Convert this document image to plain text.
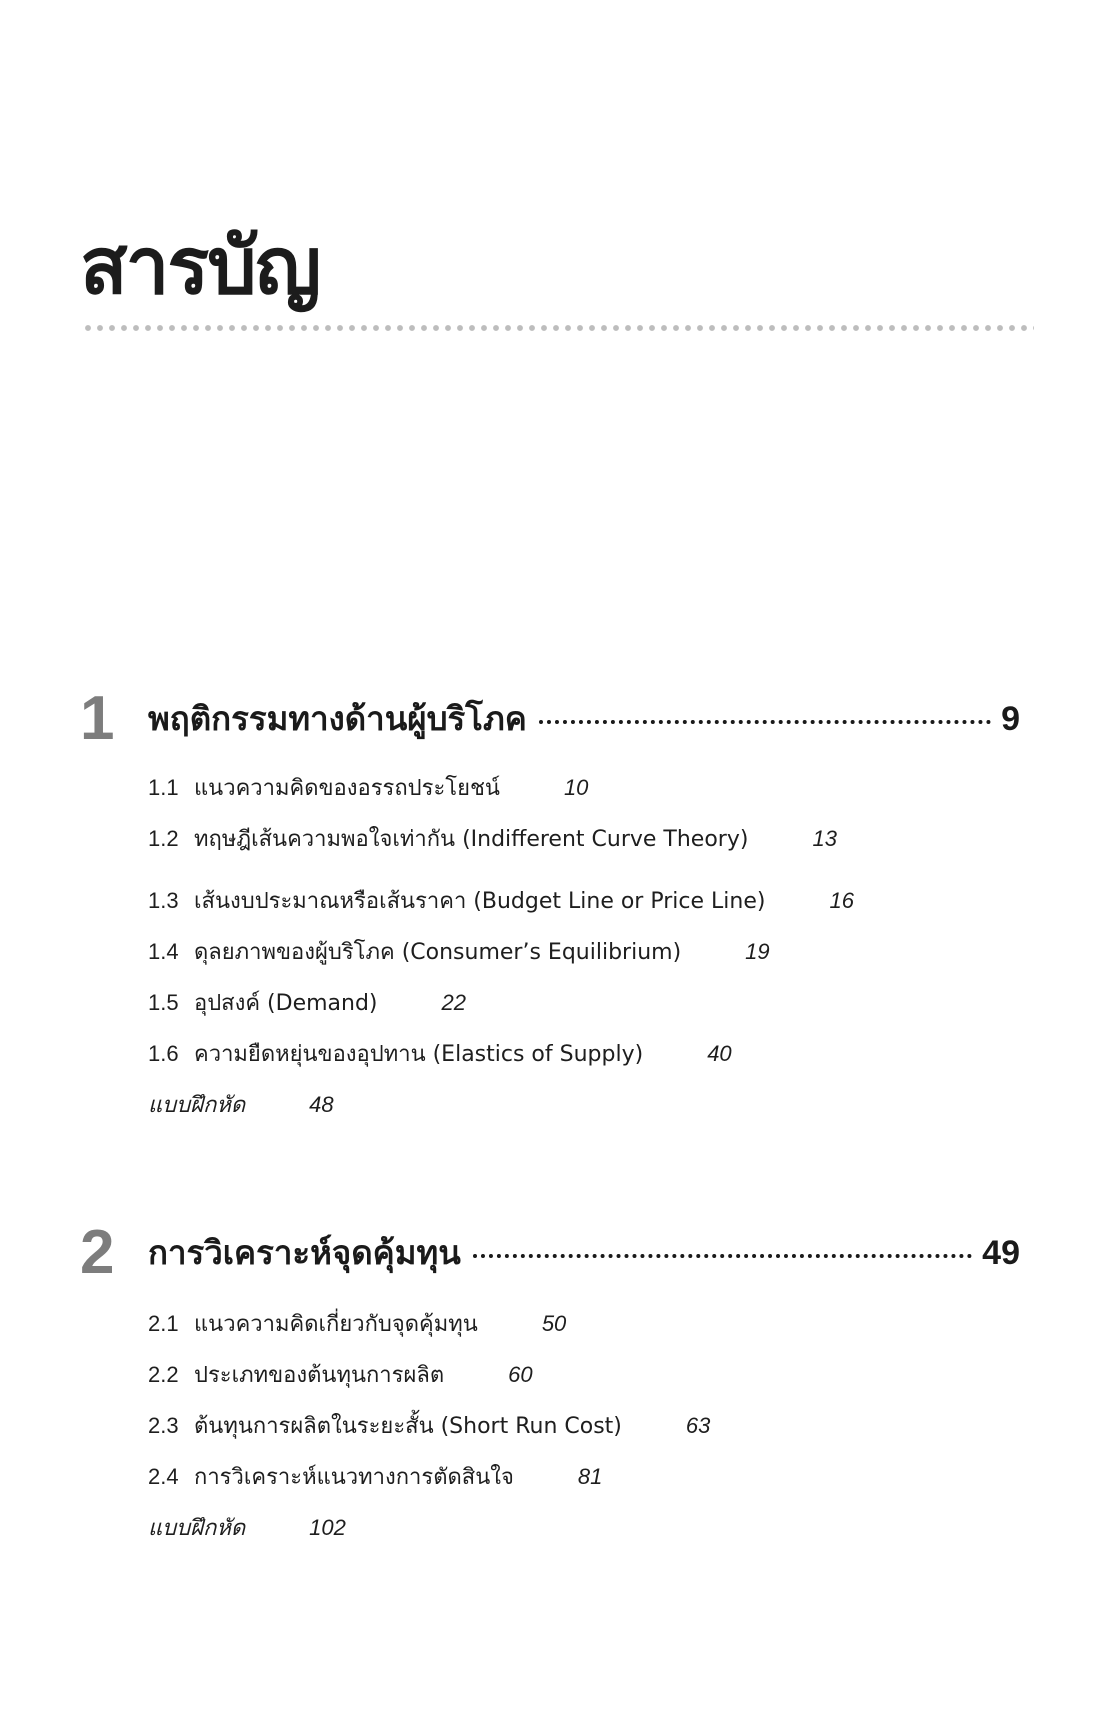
สารบัญ
1 พฤติกรรมทางด้านผู้บริโภค	9
1.1 แนวความคิดของอรรถประโยชน์	10
1.2 ทฤษฎีเส้นความพอใจเท่ากัน (Indifferent Curve Theory)	13
1.3 เส้นงบประมาณหรือเส้นราคา (Budget Line or Price Line)	16
1.4 ดุลยภาพของผู้บริโภค (Consumer’s Equilibrium)	19
1.5 อุปสงค์ (Demand)	22
1.6 ความยืดหยุ่นของอุปทาน (Elastics of Supply)	40
แบบฝึกหัด	48
2 การวิเคราะห์จุดคุ้มทุน	49
2.1 แนวความคิดเกี่ยวกับจุดคุ้มทุน	50
2.2 ประเภทของต้นทุนการผลิต	60
2.3 ต้นทุนการผลิตในระยะสั้น (Short Run Cost)	63
2.4 การวิเคราะห์แนวทางการตัดสินใจ	81
แบบฝึกหัด	102
